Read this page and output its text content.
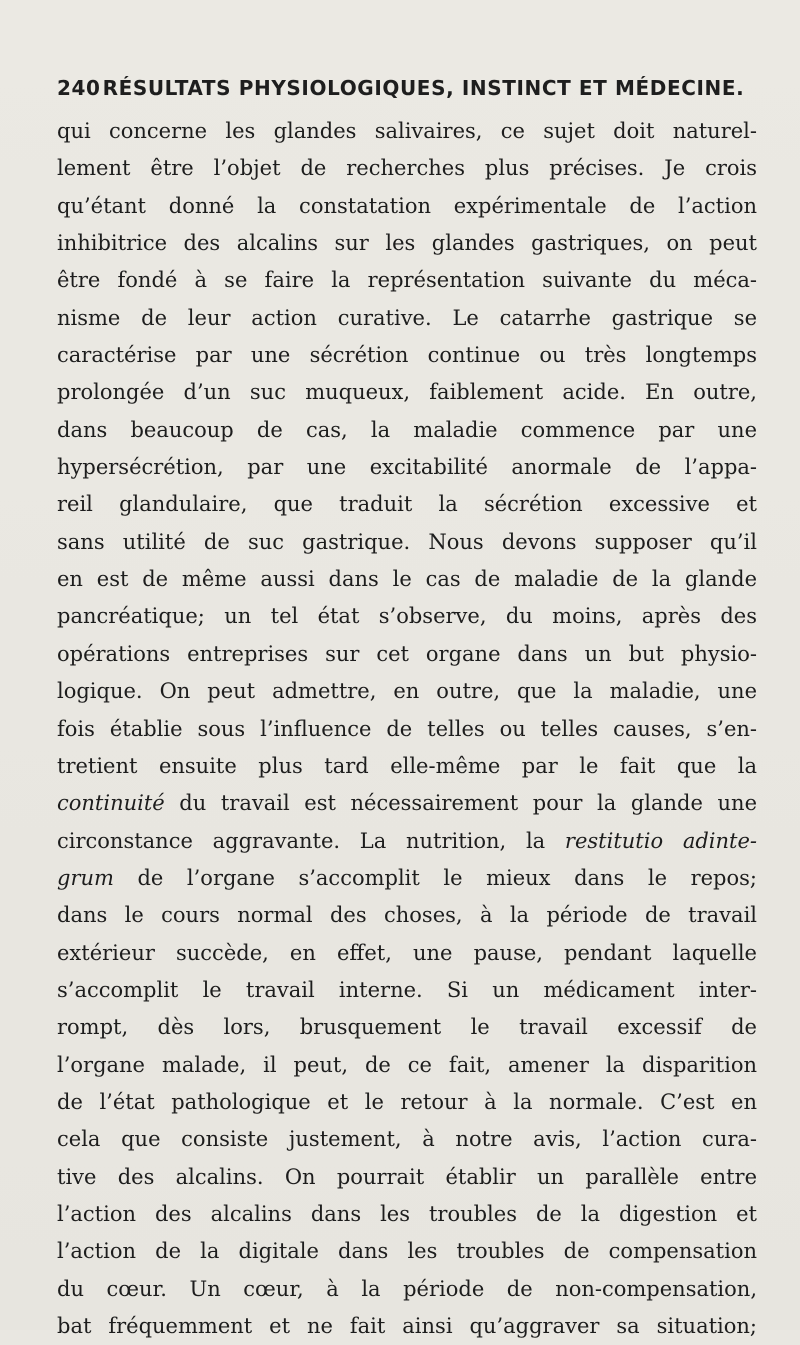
240 RÉSULTATS PHYSIOLOGIQUES, INSTINCT ET MÉDECINE.
qui concerne les glandes salivaires, ce sujet doit naturel-
lement être l’objet de recherches plus précises. Je crois
qu’étant donné la constatation expérimentale de l’action
inhibitrice des alcalins sur les glandes gastriques, on peut
être fondé à se faire la représentation suivante du méca-
nisme de leur action curative. Le catarrhe gastrique se
caractérise par une sécrétion continue ou très longtemps
prolongée d’un suc muqueux, faiblement acide. En outre,
dans beaucoup de cas, la maladie commence par une
hypersécrétion, par une excitabilité anormale de l’appa-
reil glandulaire, que traduit la sécrétion excessive et
sans utilité de suc gastrique. Nous devons supposer qu’il
en est de même aussi dans le cas de maladie de la glande
pancréatique; un tel état s’observe, du moins, après des
opérations entreprises sur cet organe dans un but physio-
logique. On peut admettre, en outre, que la maladie, une
fois établie sous l’influence de telles ou telles causes, s’en-
tretient ensuite plus tard elle-même par le fait que la
continuité du travail est nécessairement pour la glande une
circonstance aggravante. La nutrition, la restitutio adinte-
grum de l’organe s’accomplit le mieux dans le repos;
dans le cours normal des choses, à la période de travail
extérieur succède, en effet, une pause, pendant laquelle
s’accomplit le travail interne. Si un médicament inter-
rompt, dès lors, brusquement le travail excessif de
l’organe malade, il peut, de ce fait, amener la disparition
de l’état pathologique et le retour à la normale. C’est en
cela que consiste justement, à notre avis, l’action cura-
tive des alcalins. On pourrait établir un parallèle entre
l’action des alcalins dans les troubles de la digestion et
l’action de la digitale dans les troubles de compensation
du cœur. Un cœur, à la période de non-compensation,
bat fréquemment et ne fait ainsi qu’aggraver sa situation;
